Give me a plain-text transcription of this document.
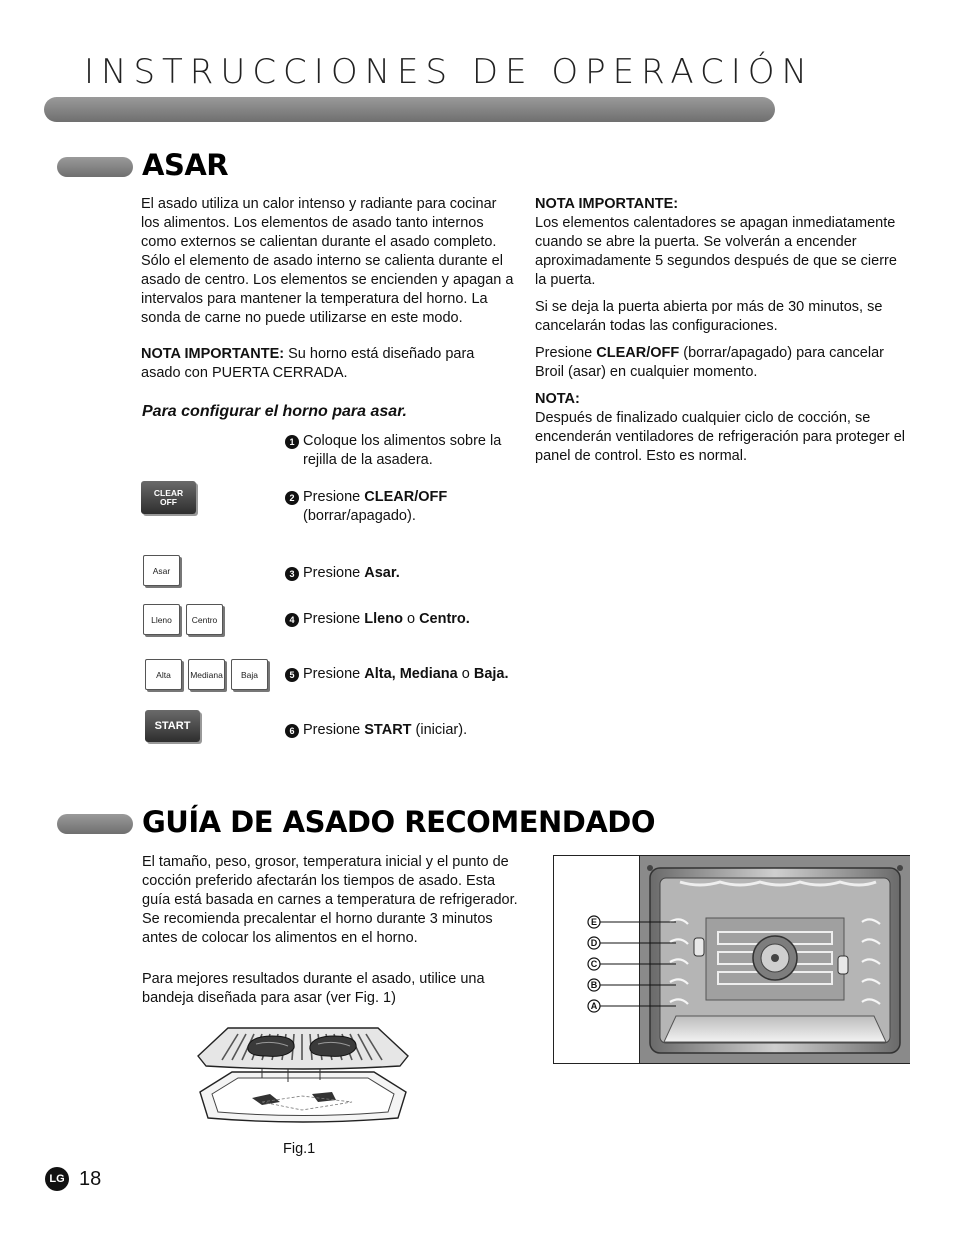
INSTRUCCIONES DE OPERACIÓN
ASAR
El asado utiliza un calor intenso y radiante para cocinar los alimentos. Los elementos de asado tanto internos como externos se calientan durante el asado completo. Sólo el elemento de asado interno se calienta durante el asado de centro. Los elementos se encienden y apagan a intervalos para mantener la temperatura del horno. La sonda de carne no puede utilizarse en este modo.
NOTA IMPORTANTE: Su horno está diseñado para asado con PUERTA CERRADA.
Para configurar el horno para asar.
1 Coloque los alimentos sobre la rejilla de la asadera.
2 Presione CLEAR/OFF (borrar/apagado).
3 Presione Asar.
4 Presione Lleno o Centro.
5 Presione Alta, Mediana o Baja.
6 Presione START (iniciar).
CLEAR
OFF
Asar
Lleno	Centro
Alta	Mediana	Baja
START
NOTA IMPORTANTE:
Los elementos calentadores se apagan inmediatamente cuando se abre la puerta. Se volverán a encender aproximadamente 5 segundos después de que se cierre la puerta.
Si se deja la puerta abierta por más de 30 minutos, se cancelarán todas las configuraciones.
Presione CLEAR/OFF (borrar/apagado) para cancelar Broil (asar) en cualquier momento.
NOTA:
Después de finalizado cualquier ciclo de cocción, se encenderán ventiladores de refrigeración para proteger el panel de control. Esto es normal.
GUÍA DE ASADO RECOMENDADO
El tamaño, peso, grosor, temperatura inicial y el punto de cocción preferido afectarán los tiempos de asado. Esta guía está basada en carnes a temperatura de refrigerador. Se recomienda precalentar el horno durante 3 minutos antes de colocar los alimentos en el horno.
Para mejores resultados durante el asado, utilice una bandeja diseñada para asar (ver Fig. 1)
Fig.1
E
D
C
B
A
LG 18
